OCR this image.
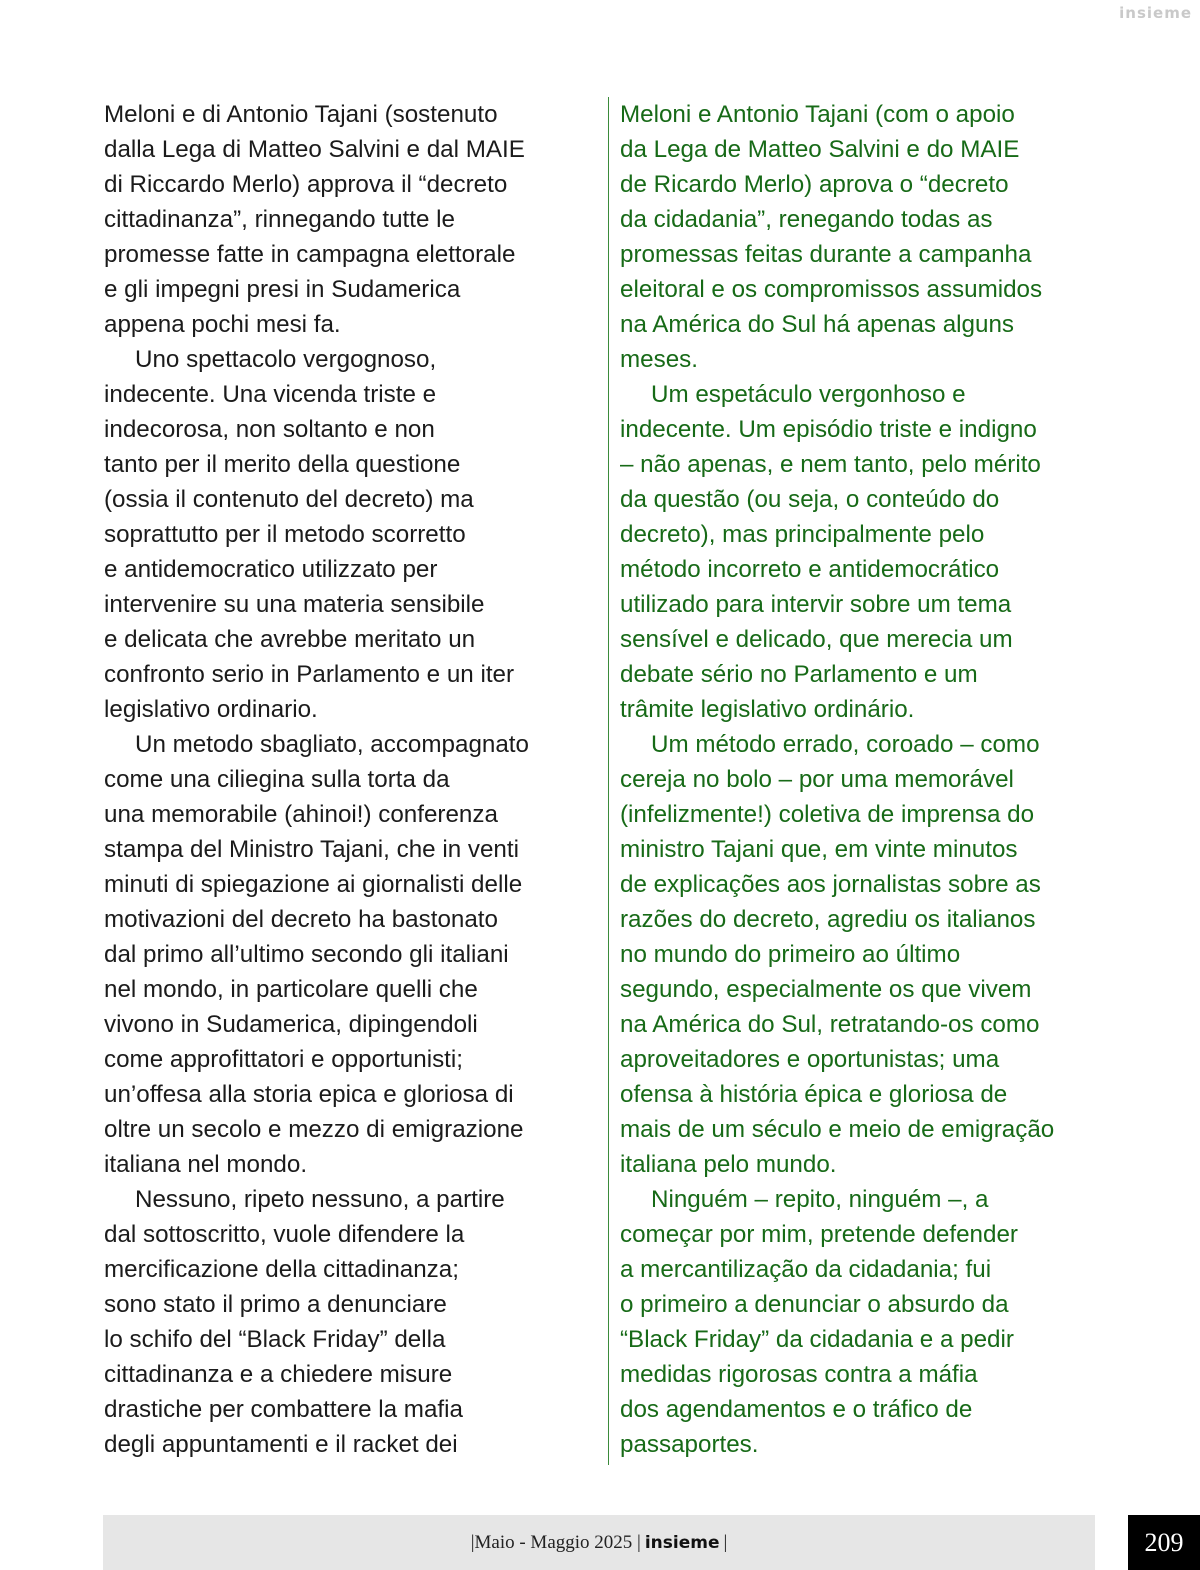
insieme
Meloni e di Antonio Tajani (sostenuto
dalla Lega di Matteo Salvini e dal MAIE
di Riccardo Merlo) approva il “decreto
cittadinanza”, rinnegando tutte le
promesse fatte in campagna elettorale
e gli impegni presi in Sudamerica
appena pochi mesi fa.
Uno spettacolo vergognoso,
indecente. Una vicenda triste e
indecorosa, non soltanto e non
tanto per il merito della questione
(ossia il contenuto del decreto) ma
soprattutto per il metodo scorretto
e antidemocratico utilizzato per
intervenire su una materia sensibile
e delicata che avrebbe meritato un
confronto serio in Parlamento e un iter
legislativo ordinario.
Un metodo sbagliato, accompagnato
come una ciliegina sulla torta da
una memorabile (ahinoi!) conferenza
stampa del Ministro Tajani, che in venti
minuti di spiegazione ai giornalisti delle
motivazioni del decreto ha bastonato
dal primo all’ultimo secondo gli italiani
nel mondo, in particolare quelli che
vivono in Sudamerica, dipingendoli
come approfittatori e opportunisti;
un’offesa alla storia epica e gloriosa di
oltre un secolo e mezzo di emigrazione
italiana nel mondo.
Nessuno, ripeto nessuno, a partire
dal sottoscritto, vuole difendere la
mercificazione della cittadinanza;
sono stato il primo a denunciare
lo schifo del “Black Friday” della
cittadinanza e a chiedere misure
drastiche per combattere la mafia
degli appuntamenti e il racket dei
Meloni e Antonio Tajani (com o apoio
da Lega de Matteo Salvini e do MAIE
de Ricardo Merlo) aprova o “decreto
da cidadania”, renegando todas as
promessas feitas durante a campanha
eleitoral e os compromissos assumidos
na América do Sul há apenas alguns
meses.
Um espetáculo vergonhoso e
indecente. Um episódio triste e indigno
– não apenas, e nem tanto, pelo mérito
da questão (ou seja, o conteúdo do
decreto), mas principalmente pelo
método incorreto e antidemocrático
utilizado para intervir sobre um tema
sensível e delicado, que merecia um
debate sério no Parlamento e um
trâmite legislativo ordinário.
Um método errado, coroado – como
cereja no bolo – por uma memorável
(infelizmente!) coletiva de imprensa do
ministro Tajani que, em vinte minutos
de explicações aos jornalistas sobre as
razões do decreto, agrediu os italianos
no mundo do primeiro ao último
segundo, especialmente os que vivem
na América do Sul, retratando-os como
aproveitadores e oportunistas; uma
ofensa à história épica e gloriosa de
mais de um século e meio de emigração
italiana pelo mundo.
Ninguém – repito, ninguém –, a
começar por mim, pretende defender
a mercantilização da cidadania; fui
o primeiro a denunciar o absurdo da
“Black Friday” da cidadania e a pedir
medidas rigorosas contra a máfia
dos agendamentos e o tráfico de
passaportes.
|Maio - Maggio 2025 |
insieme
|	209
